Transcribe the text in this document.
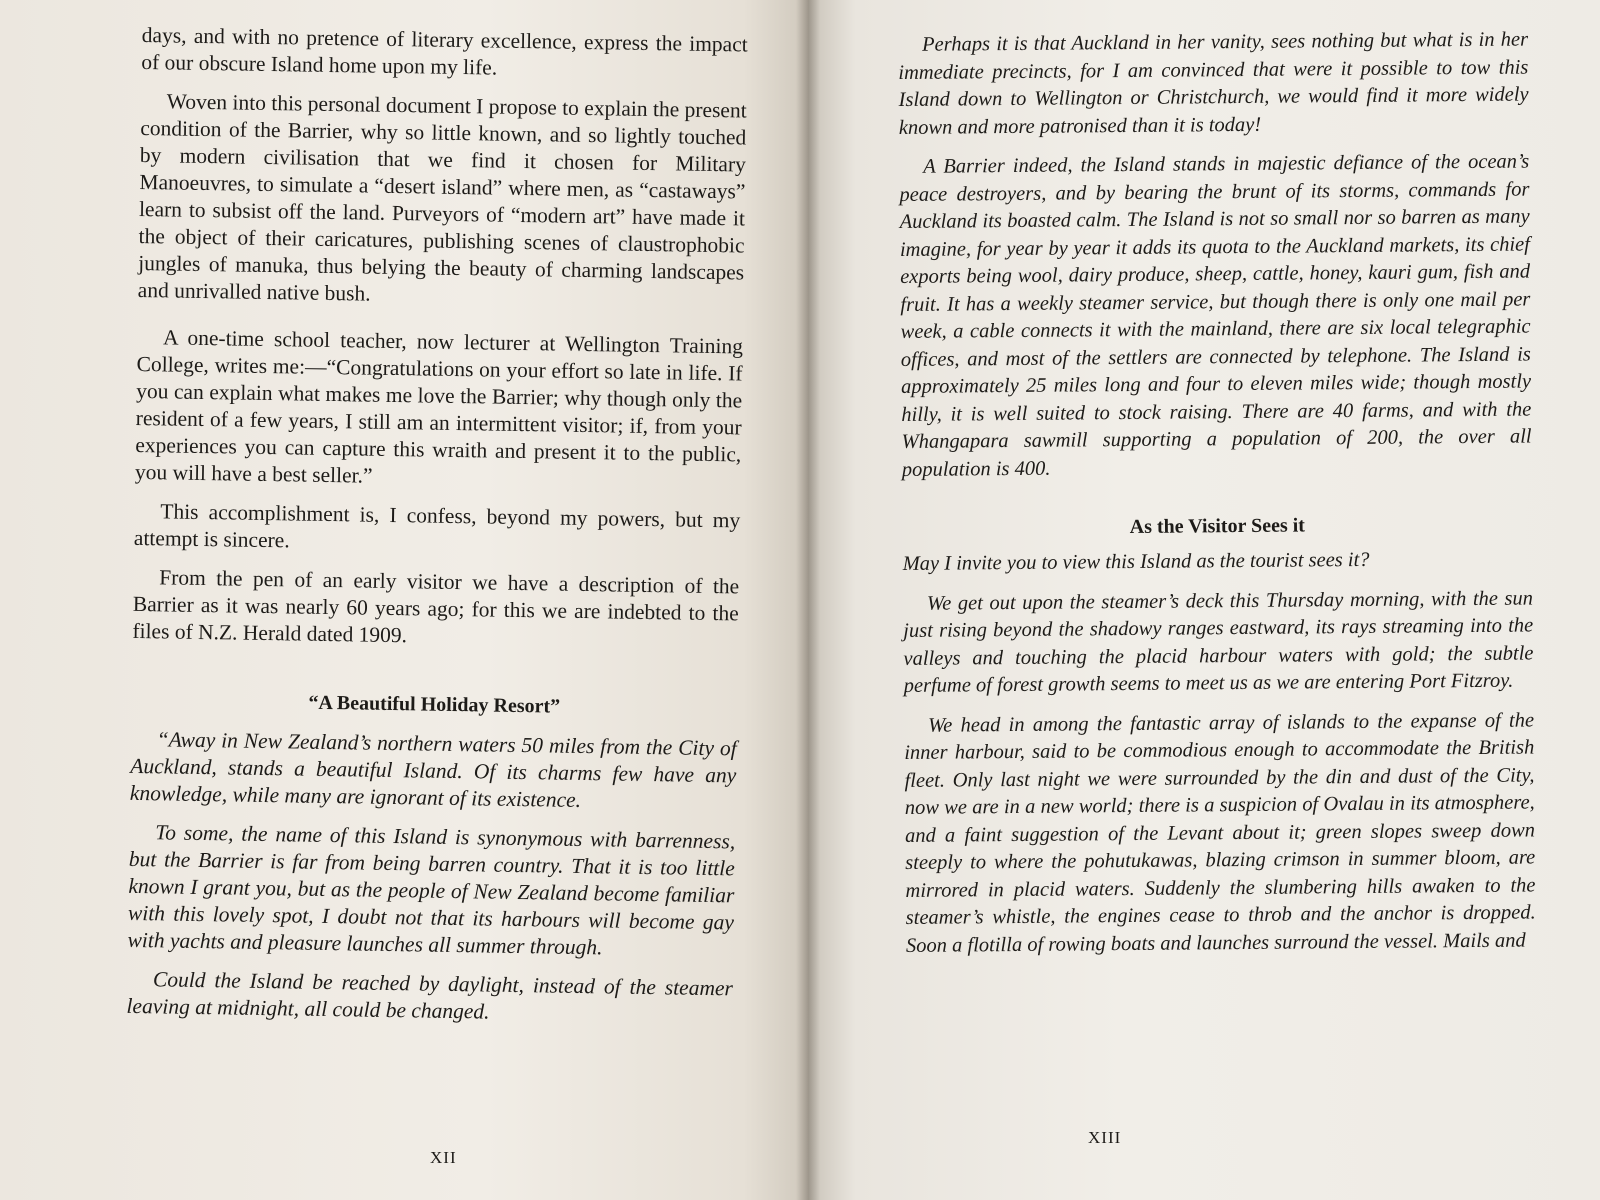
days, and with no pretence of literary excellence, express the impact of our obscure Island home upon my life.

Woven into this personal document I propose to explain the present condition of the Barrier, why so little known, and so lightly touched by modern civilisation that we find it chosen for Military Manoeuvres, to simulate a “desert island” where men, as “castaways” learn to subsist off the land. Purveyors of “modern art” have made it the object of their caricatures, publishing scenes of claustrophobic jungles of manuka, thus belying the beauty of charming landscapes and unrivalled native bush.

A one-time school teacher, now lecturer at Wellington Training College, writes me:—“Congratulations on your effort so late in life. If you can explain what makes me love the Barrier; why though only the resident of a few years, I still am an intermittent visitor; if, from your experiences you can capture this wraith and present it to the public, you will have a best seller.”

This accomplishment is, I confess, beyond my powers, but my attempt is sincere.

From the pen of an early visitor we have a description of the Barrier as it was nearly 60 years ago; for this we are indebted to the files of N.Z. Herald dated 1909.

“A Beautiful Holiday Resort”

“Away in New Zealand’s northern waters 50 miles from the City of Auckland, stands a beautiful Island. Of its charms few have any knowledge, while many are ignorant of its existence.

To some, the name of this Island is synonymous with barrenness, but the Barrier is far from being barren country. That it is too little known I grant you, but as the people of New Zealand become familiar with this lovely spot, I doubt not that its harbours will become gay with yachts and pleasure launches all summer through.

Could the Island be reached by daylight, instead of the steamer leaving at midnight, all could be changed.

XII

Perhaps it is that Auckland in her vanity, sees nothing but what is in her immediate precincts, for I am convinced that were it possible to tow this Island down to Wellington or Christchurch, we would find it more widely known and more patronised than it is today!

A Barrier indeed, the Island stands in majestic defiance of the ocean’s peace destroyers, and by bearing the brunt of its storms, commands for Auckland its boasted calm. The Island is not so small nor so barren as many imagine, for year by year it adds its quota to the Auckland markets, its chief exports being wool, dairy produce, sheep, cattle, honey, kauri gum, fish and fruit. It has a weekly steamer service, but though there is only one mail per week, a cable connects it with the mainland, there are six local telegraphic offices, and most of the settlers are connected by telephone. The Island is approximately 25 miles long and four to eleven miles wide; though mostly hilly, it is well suited to stock raising. There are 40 farms, and with the Whangapara sawmill supporting a population of 200, the over all population is 400.

As the Visitor Sees it

May I invite you to view this Island as the tourist sees it?

We get out upon the steamer’s deck this Thursday morning, with the sun just rising beyond the shadowy ranges eastward, its rays streaming into the valleys and touching the placid harbour waters with gold; the subtle perfume of forest growth seems to meet us as we are entering Port Fitzroy.

We head in among the fantastic array of islands to the expanse of the inner harbour, said to be commodious enough to accommodate the British fleet. Only last night we were surrounded by the din and dust of the City, now we are in a new world; there is a suspicion of Ovalau in its atmosphere, and a faint suggestion of the Levant about it; green slopes sweep down steeply to where the pohutukawas, blazing crimson in summer bloom, are mirrored in placid waters. Suddenly the slumbering hills awaken to the steamer’s whistle, the engines cease to throb and the anchor is dropped. Soon a flotilla of rowing boats and launches surround the vessel. Mails and

XIII
